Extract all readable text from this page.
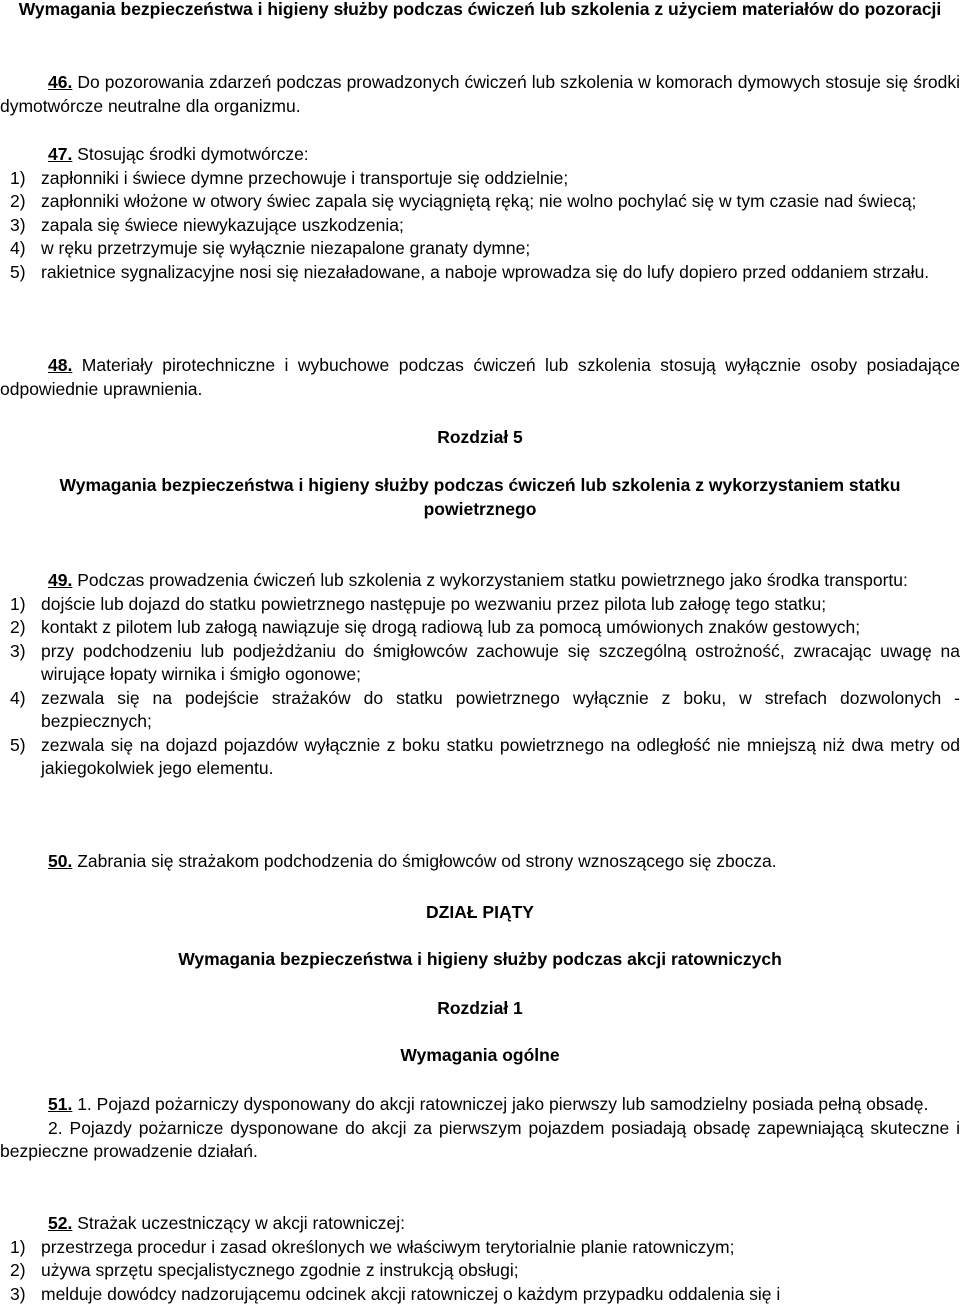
Wymagania bezpieczeństwa i higieny służby podczas ćwiczeń lub szkolenia z użyciem materiałów do pozoracji
46. Do pozorowania zdarzeń podczas prowadzonych ćwiczeń lub szkolenia w komorach dymowych stosuje się środki dymotwórcze neutralne dla organizmu.
47. Stosując środki dymotwórcze:
1) zapłonniki i świece dymne przechowuje i transportuje się oddzielnie;
2) zapłonniki włożone w otwory świec zapala się wyciągniętą ręką; nie wolno pochylać się w tym czasie nad świecą;
3) zapala się świece niewykazujące uszkodzenia;
4) w ręku przetrzymuje się wyłącznie niezapalone granaty dymne;
5) rakietnice sygnalizacyjne nosi się niezaładowane, a naboje wprowadza się do lufy dopiero przed oddaniem strzału.
48. Materiały pirotechniczne i wybuchowe podczas ćwiczeń lub szkolenia stosują wyłącznie osoby posiadające odpowiednie uprawnienia.
Rozdział 5
Wymagania bezpieczeństwa i higieny służby podczas ćwiczeń lub szkolenia z wykorzystaniem statku powietrznego
49. Podczas prowadzenia ćwiczeń lub szkolenia z wykorzystaniem statku powietrznego jako środka transportu:
1) dojście lub dojazd do statku powietrznego następuje po wezwaniu przez pilota lub załogę tego statku;
2) kontakt z pilotem lub załogą nawiązuje się drogą radiową lub za pomocą umówionych znaków gestowych;
3) przy podchodzeniu lub podjeżdżaniu do śmigłowców zachowuje się szczególną ostrożność, zwracając uwagę na wirujące łopaty wirnika i śmigło ogonowe;
4) zezwala się na podejście strażaków do statku powietrznego wyłącznie z boku, w strefach dozwolonych - bezpiecznych;
5) zezwala się na dojazd pojazdów wyłącznie z boku statku powietrznego na odległość nie mniejszą niż dwa metry od jakiegokolwiek jego elementu.
50. Zabrania się strażakom podchodzenia do śmigłowców od strony wznoszącego się zbocza.
DZIAŁ PIĄTY
Wymagania bezpieczeństwa i higieny służby podczas akcji ratowniczych
Rozdział 1
Wymagania ogólne
51. 1. Pojazd pożarniczy dysponowany do akcji ratowniczej jako pierwszy lub samodzielny posiada pełną obsadę.
2. Pojazdy pożarnicze dysponowane do akcji za pierwszym pojazdem posiadają obsadę zapewniającą skuteczne i bezpieczne prowadzenie działań.
52. Strażak uczestniczący w akcji ratowniczej:
1) przestrzega procedur i zasad określonych we właściwym terytorialnie planie ratowniczym;
2) używa sprzętu specjalistycznego zgodnie z instrukcją obsługi;
3) melduje dowódcy nadzorującemu odcinek akcji ratowniczej o każdym przypadku oddalenia się i
